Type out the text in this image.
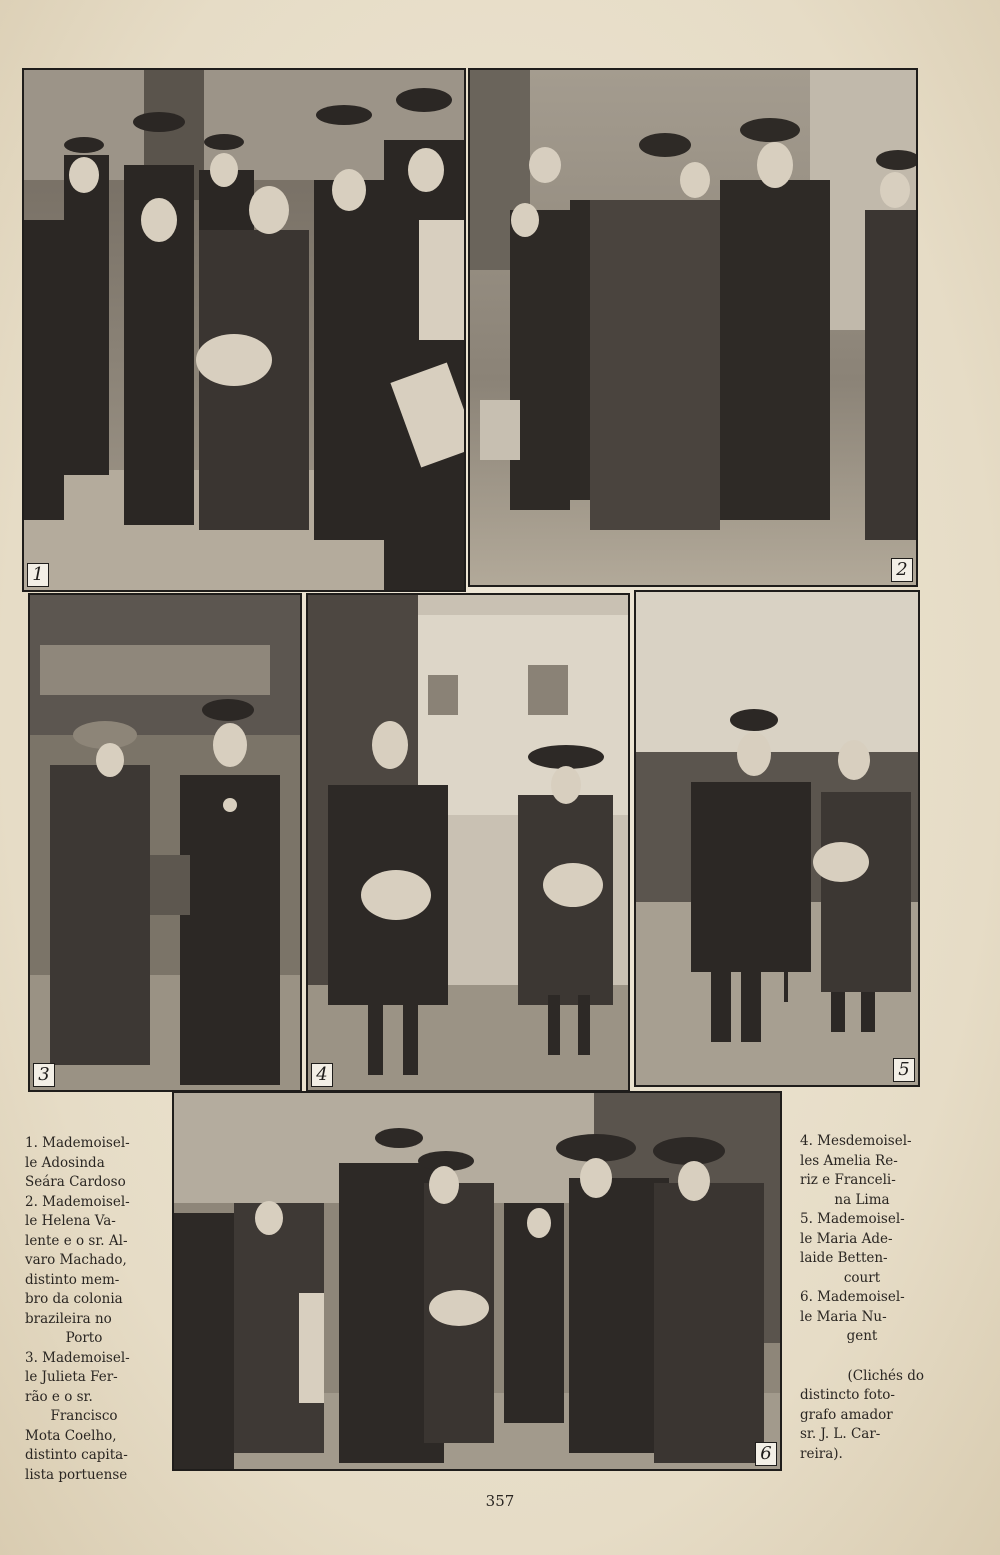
1	2
3	4	5
6

1. Mademoisel-

le Adosinda

Seára Cardoso

2. Mademoisel-

le Helena Va-

lente e o sr. Al-

varo Machado,

distinto mem-

bro da colonia

brazileira no

Porto

3. Mademoisel-

le Julieta Fer-

rão e o sr.

Francisco

Mota Coelho,

distinto capita-

lista portuense

4. Mesdemoisel-

les Amelia Re-

riz e Franceli-

na Lima

5. Mademoisel-

le Maria Ade-

laide Betten-

court

6. Mademoisel-

le Maria Nu-

gent

(Clichés do

distincto foto-

grafo amador

sr. J. L. Car-

reira).

357
